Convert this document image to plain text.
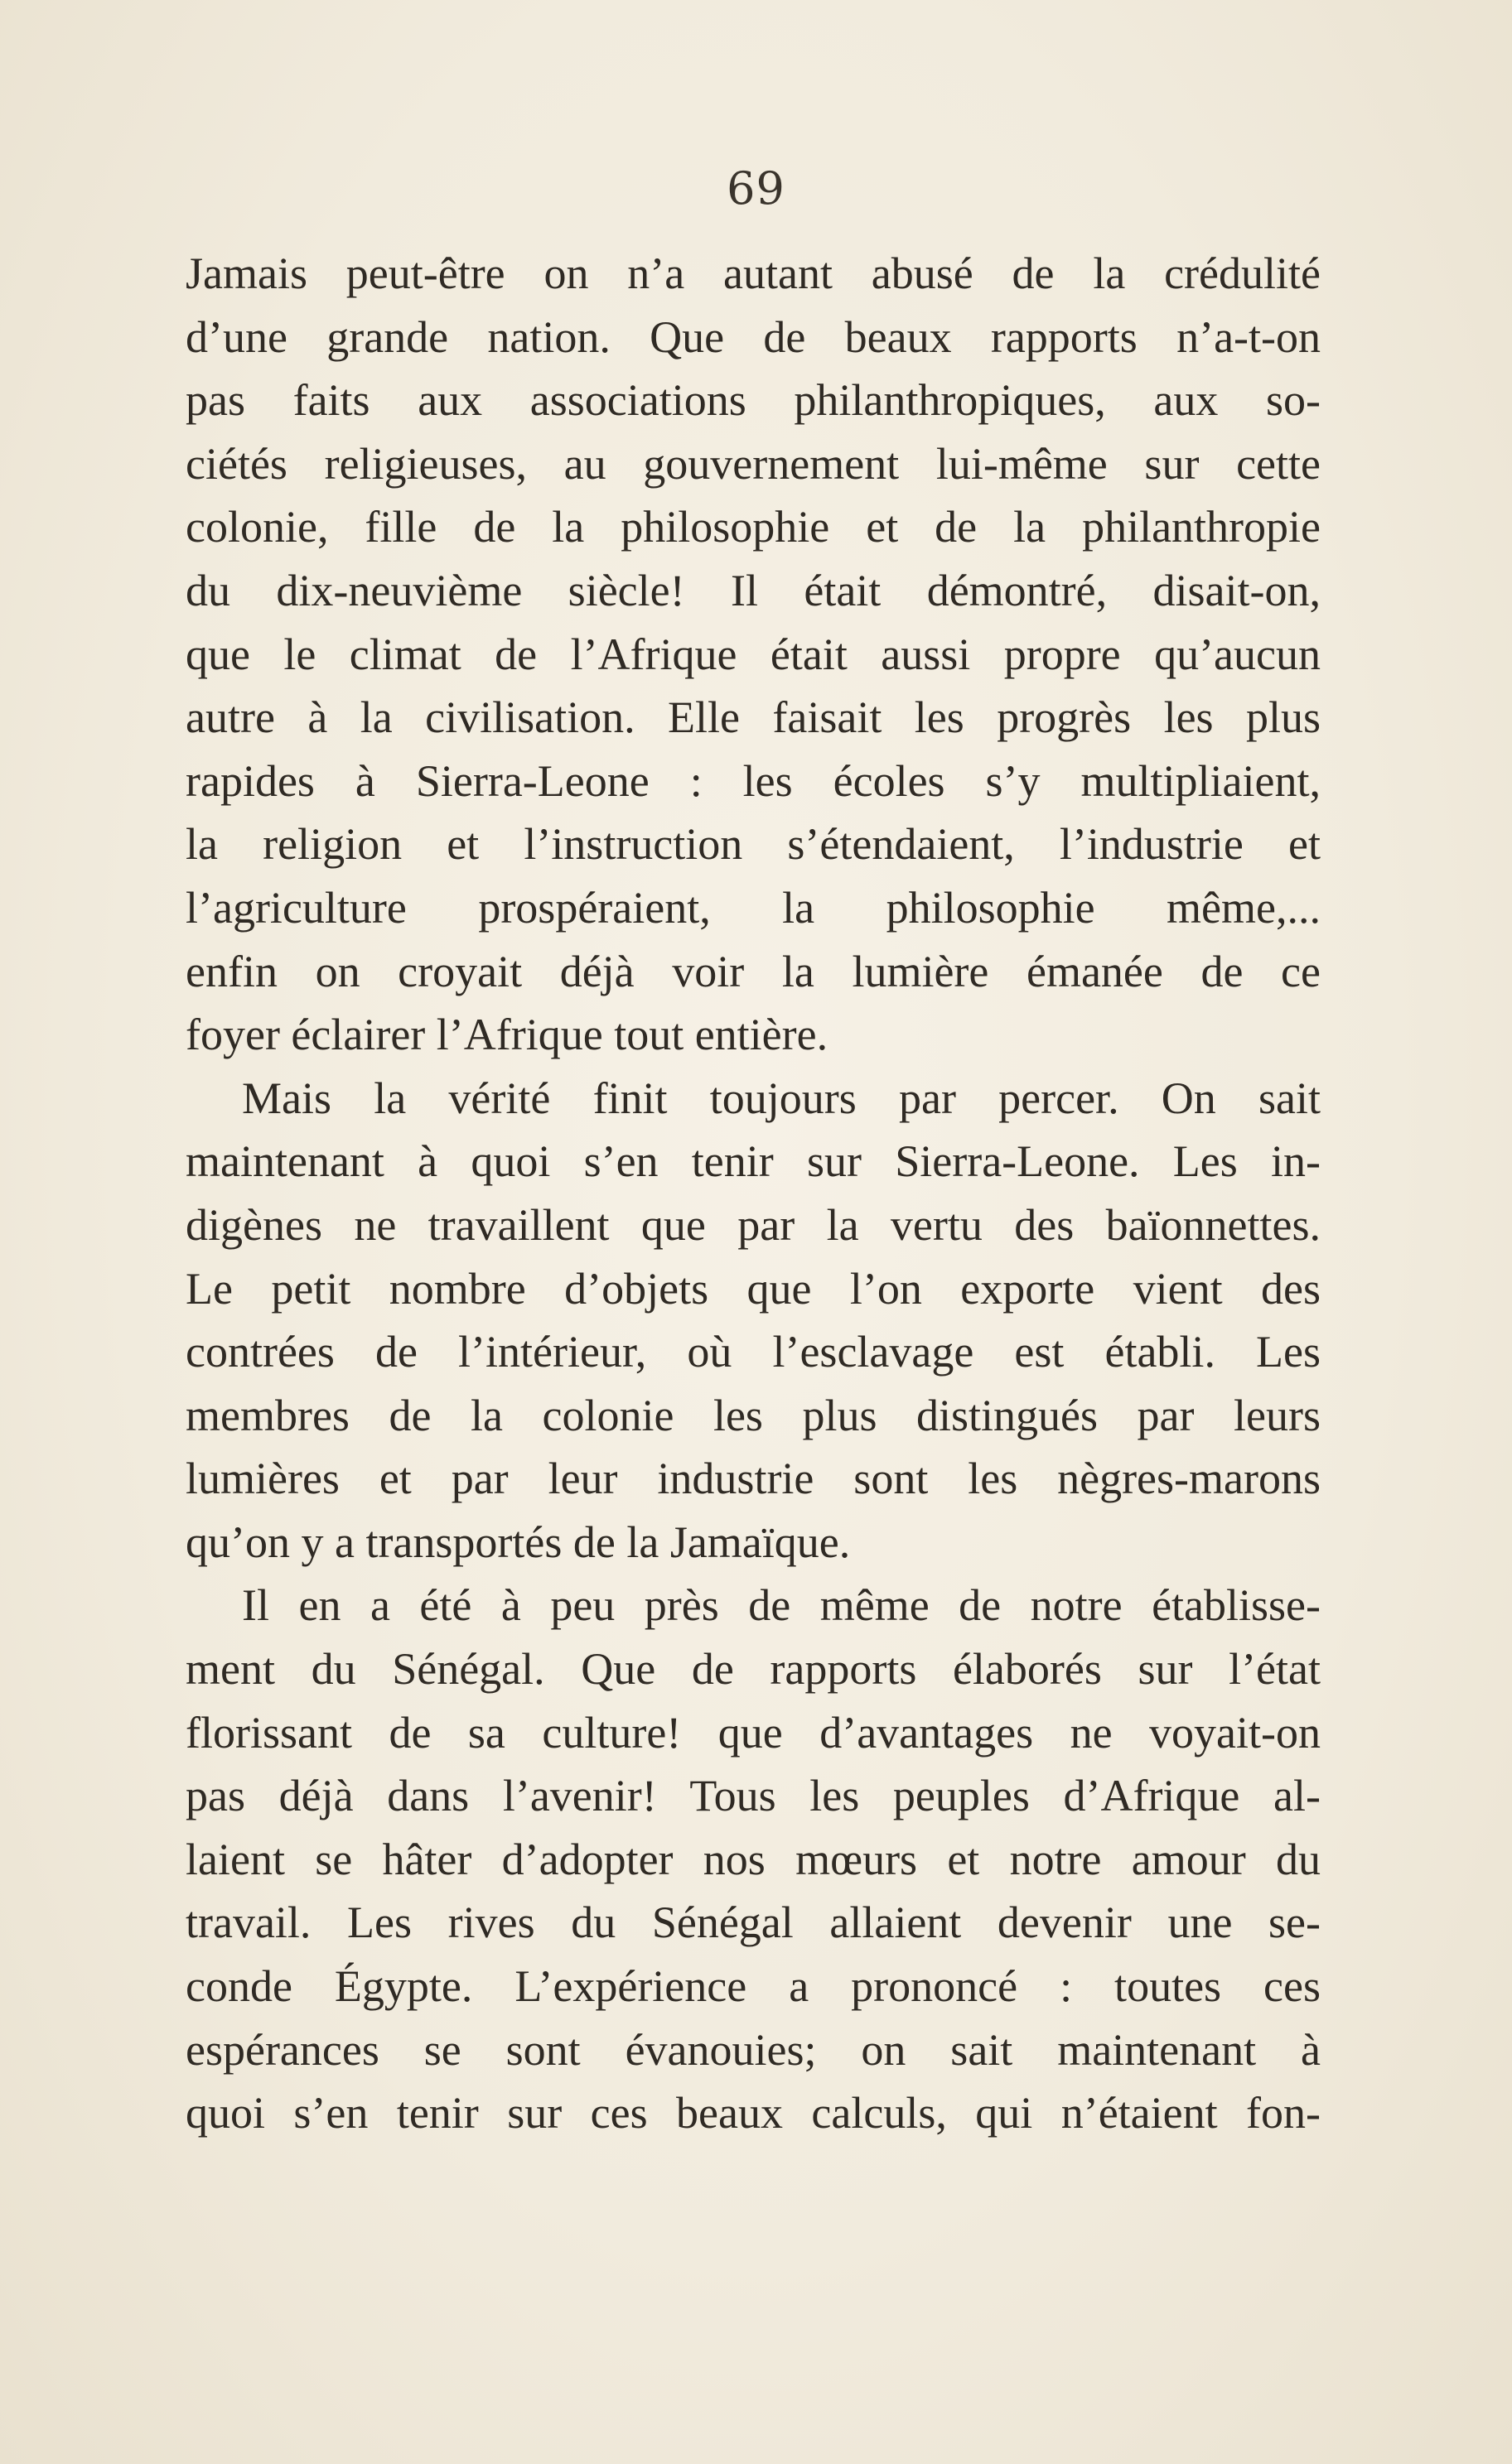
69
Jamais peut-être on n’a autant abusé de la crédulité
d’une grande nation. Que de beaux rapports n’a-t-on
pas faits aux associations philanthropiques, aux so-
ciétés religieuses, au gouvernement lui-même sur cette
colonie, fille de la philosophie et de la philanthropie
du dix-neuvième siècle! Il était démontré, disait-on,
que le climat de l’Afrique était aussi propre qu’aucun
autre à la civilisation. Elle faisait les progrès les plus
rapides à Sierra-Leone : les écoles s’y multipliaient,
la religion et l’instruction s’étendaient, l’industrie et
l’agriculture prospéraient, la philosophie même,...
enfin on croyait déjà voir la lumière émanée de ce
foyer éclairer l’Afrique tout entière.
Mais la vérité finit toujours par percer. On sait
maintenant à quoi s’en tenir sur Sierra-Leone. Les in-
digènes ne travaillent que par la vertu des baïonnettes.
Le petit nombre d’objets que l’on exporte vient des
contrées de l’intérieur, où l’esclavage est établi. Les
membres de la colonie les plus distingués par leurs
lumières et par leur industrie sont les nègres-marons
qu’on y a transportés de la Jamaïque.
Il en a été à peu près de même de notre établisse-
ment du Sénégal. Que de rapports élaborés sur l’état
florissant de sa culture! que d’avantages ne voyait-on
pas déjà dans l’avenir! Tous les peuples d’Afrique al-
laient se hâter d’adopter nos mœurs et notre amour du
travail. Les rives du Sénégal allaient devenir une se-
conde Égypte. L’expérience a prononcé : toutes ces
espérances se sont évanouies; on sait maintenant à
quoi s’en tenir sur ces beaux calculs, qui n’étaient fon-
